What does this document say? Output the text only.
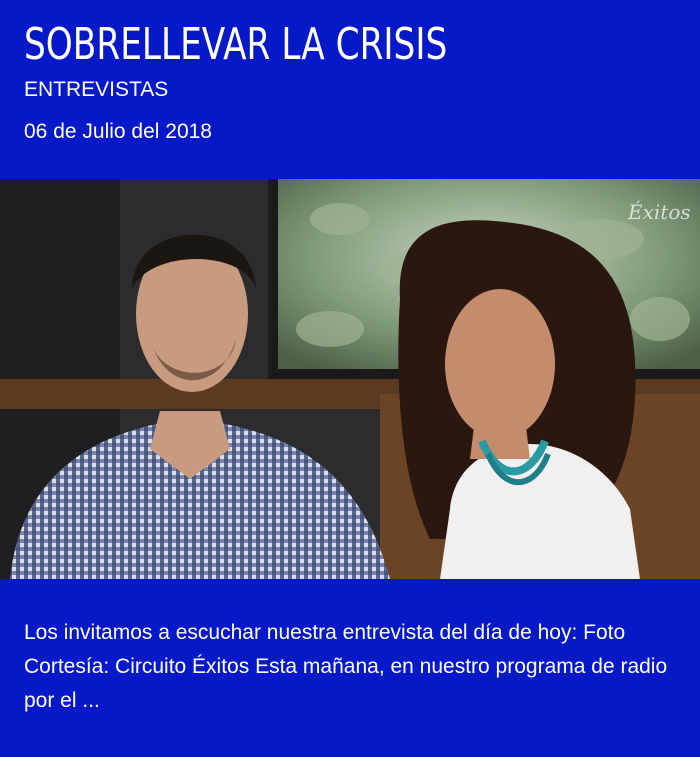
SOBRELLEVAR LA CRISIS
ENTREVISTAS
06 de Julio del 2018
Éxitos

Los invitamos a escuchar nuestra entrevista del día de hoy: Foto Cortesía: Circuito Éxitos Esta mañana, en nuestro programa de radio por el ...
